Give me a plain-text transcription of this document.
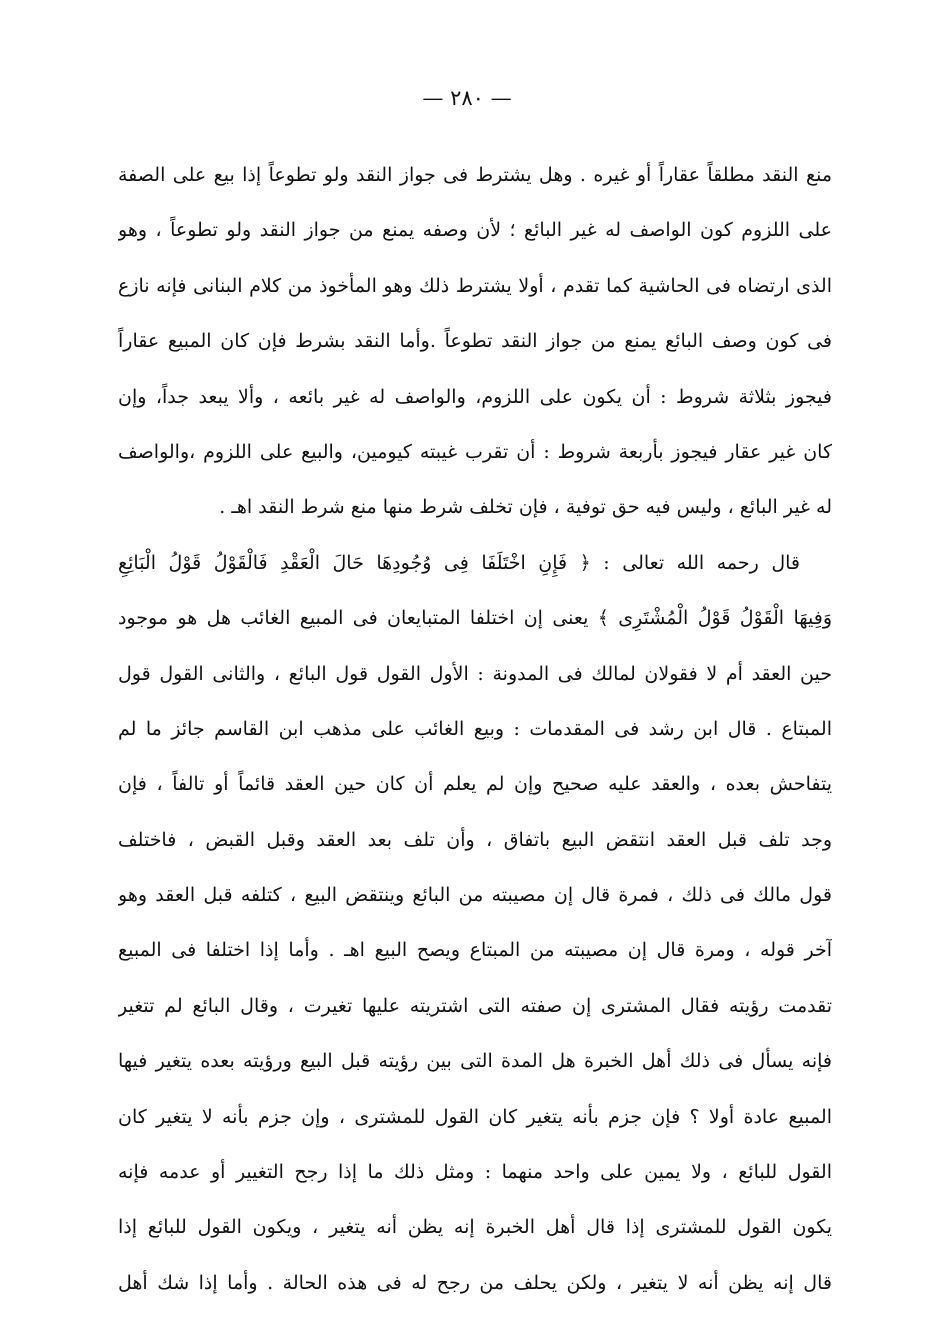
— ٢٨٠ —
منع النقد مطلقاً عقاراً أو غيره . وهل يشترط فى جواز النقد ولو تطوعاً إذا بيع على الصفة
على اللزوم كون الواصف له غير البائع ؛ لأن وصفه يمنع من جواز النقد ولو تطوعاً ، وهو
الذى ارتضاه فى الحاشية كما تقدم ، أولا يشترط ذلك وهو المأخوذ من كلام البنانى فإنه نازع
فى كون وصف البائع يمنع من جواز النقد تطوعاً .وأما النقد بشرط فإن كان المبيع عقاراً
فيجوز بثلاثة شروط : أن يكون على اللزوم، والواصف له غير بائعه ، وألا يبعد جداً، وإن
كان غير عقار فيجوز بأربعة شروط : أن تقرب غيبته كيومين، والبيع على اللزوم ،والواصف
له غير البائع ، وليس فيه حق توفية ، فإن تخلف شرط منها منع شرط النقد اهـ .
قال رحمه الله تعالى : ﴿ فَإِنِ اخْتَلَفَا فِى وُجُودِهَا حَالَ الْعَقْدِ فَالْقَوْلُ قَوْلُ الْبَائِعِ
وَفِيهَا الْقَوْلُ قَوْلُ الْمُشْتَرِى ﴾ يعنى إن اختلفا المتبايعان فى المبيع الغائب هل هو موجود
حين العقد أم لا فقولان لمالك فى المدونة : الأول القول قول البائع ، والثانى القول قول
المبتاع . قال ابن رشد فى المقدمات : وبيع الغائب على مذهب ابن القاسم جائز ما لم
يتفاحش بعده ، والعقد عليه صحيح وإن لم يعلم أن كان حين العقد قائماً أو تالفاً ، فإن
وجد تلف قبل العقد انتقض البيع باتفاق ، وأن تلف بعد العقد وقبل القبض ، فاختلف
قول مالك فى ذلك ، فمرة قال إن مصيبته من البائع وينتقض البيع ، كتلفه قبل العقد وهو
آخر قوله ، ومرة قال إن مصيبته من المبتاع ويصح البيع اهـ . وأما إذا اختلفا فى المبيع
تقدمت رؤيته فقال المشترى إن صفته التى اشتريته عليها تغيرت ، وقال البائع لم تتغير
فإنه يسأل فى ذلك أهل الخبرة هل المدة التى بين رؤيته قبل البيع ورؤيته بعده يتغير فيها
المبيع عادة أولا ؟ فإن جزم بأنه يتغير كان القول للمشترى ، وإن جزم بأنه لا يتغير كان
القول للبائع ، ولا يمين على واحد منهما : ومثل ذلك ما إذا رجح التغيير أو عدمه فإنه
يكون القول للمشترى إذا قال أهل الخبرة إنه يظن أنه يتغير ، ويكون القول للبائع إذا
قال إنه يظن أنه لا يتغير ، ولكن يحلف من رجح له فى هذه الحالة . وأما إذا شك أهل
